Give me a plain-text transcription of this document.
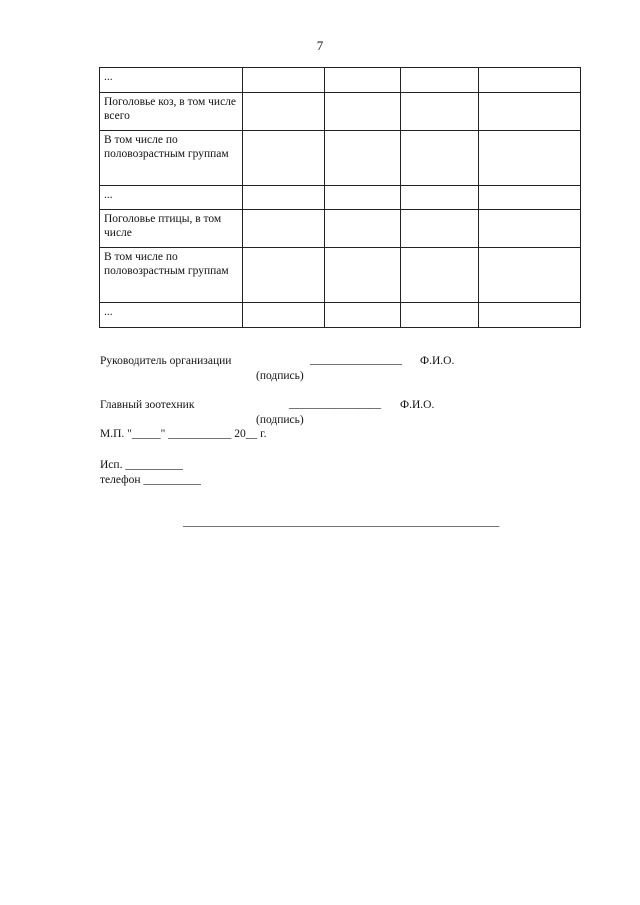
7
...				
Поголовье коз, в том числе всего				
В том числе по половозрастным группам				
...				
Поголовье птицы, в том числе				
В том числе по половозрастным группам				
...				
Руководитель организации	________________ Ф.И.О.
(подпись)
Главный зоотехник	________________ Ф.И.О.
(подпись)
М.П. "_____" ___________ 20__ г.
Исп. __________
телефон __________
_______________________________________________________
